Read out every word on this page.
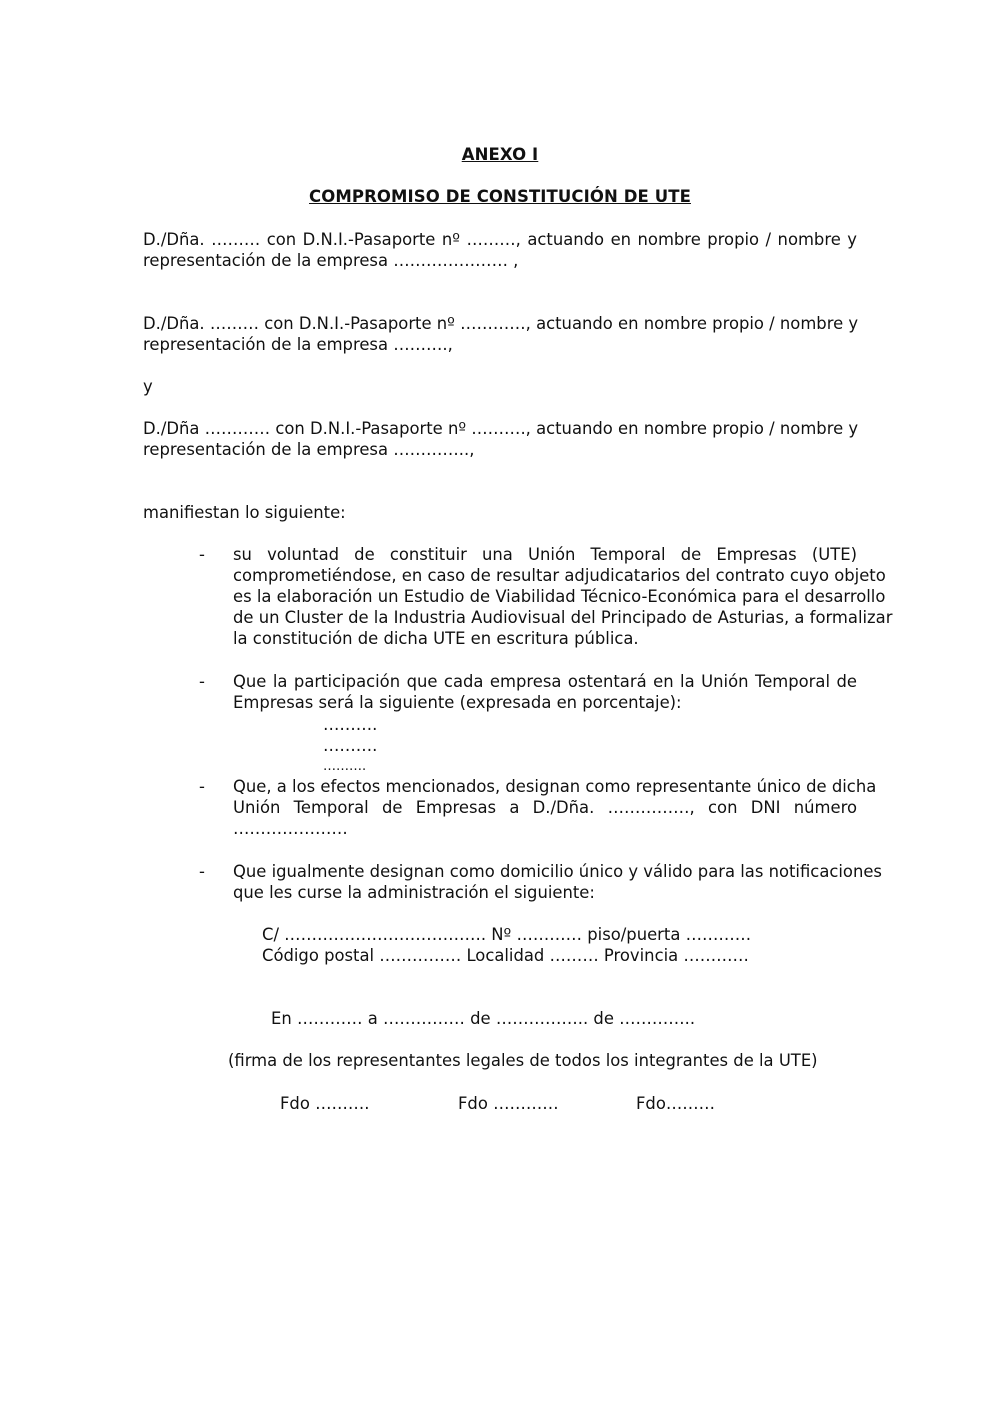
ANEXO I
COMPROMISO DE CONSTITUCIÓN DE UTE
D./Dña. ……… con D.N.I.-Pasaporte nº ………, actuando en nombre propio / nombre y
representación de la empresa ………………… ,
D./Dña. ……… con D.N.I.-Pasaporte nº …………, actuando en nombre propio / nombre y
representación de la empresa ……….,
y
D./Dña ………… con D.N.I.-Pasaporte nº ………., actuando en nombre propio / nombre y
representación de la empresa …………..,
manifiestan lo siguiente:
-	su voluntad de constituir una Unión Temporal de Empresas (UTE)
comprometiéndose, en caso de resultar adjudicatarios del contrato cuyo objeto
es la elaboración un Estudio de Viabilidad Técnico-Económica para el desarrollo
de un Cluster de la Industria Audiovisual del Principado de Asturias, a formalizar
la constitución de dicha UTE en escritura pública.
-	Que la participación que cada empresa ostentará en la Unión Temporal de
Empresas será la siguiente (expresada en porcentaje):
……….
……….
……….
-	Que, a los efectos mencionados, designan como representante único de dicha
Unión Temporal de Empresas a D./Dña. ……………, con DNI número
…………………
-	Que igualmente designan como domicilio único y válido para las notificaciones
que les curse la administración el siguiente:
C/ ………………………………. Nº ………… piso/puerta …………
Código postal …………… Localidad ……… Provincia …………
En ………… a …………… de …………….. de …………..
(firma de los representantes legales de todos los integrantes de la UTE)
Fdo ……….	Fdo …………	Fdo………
